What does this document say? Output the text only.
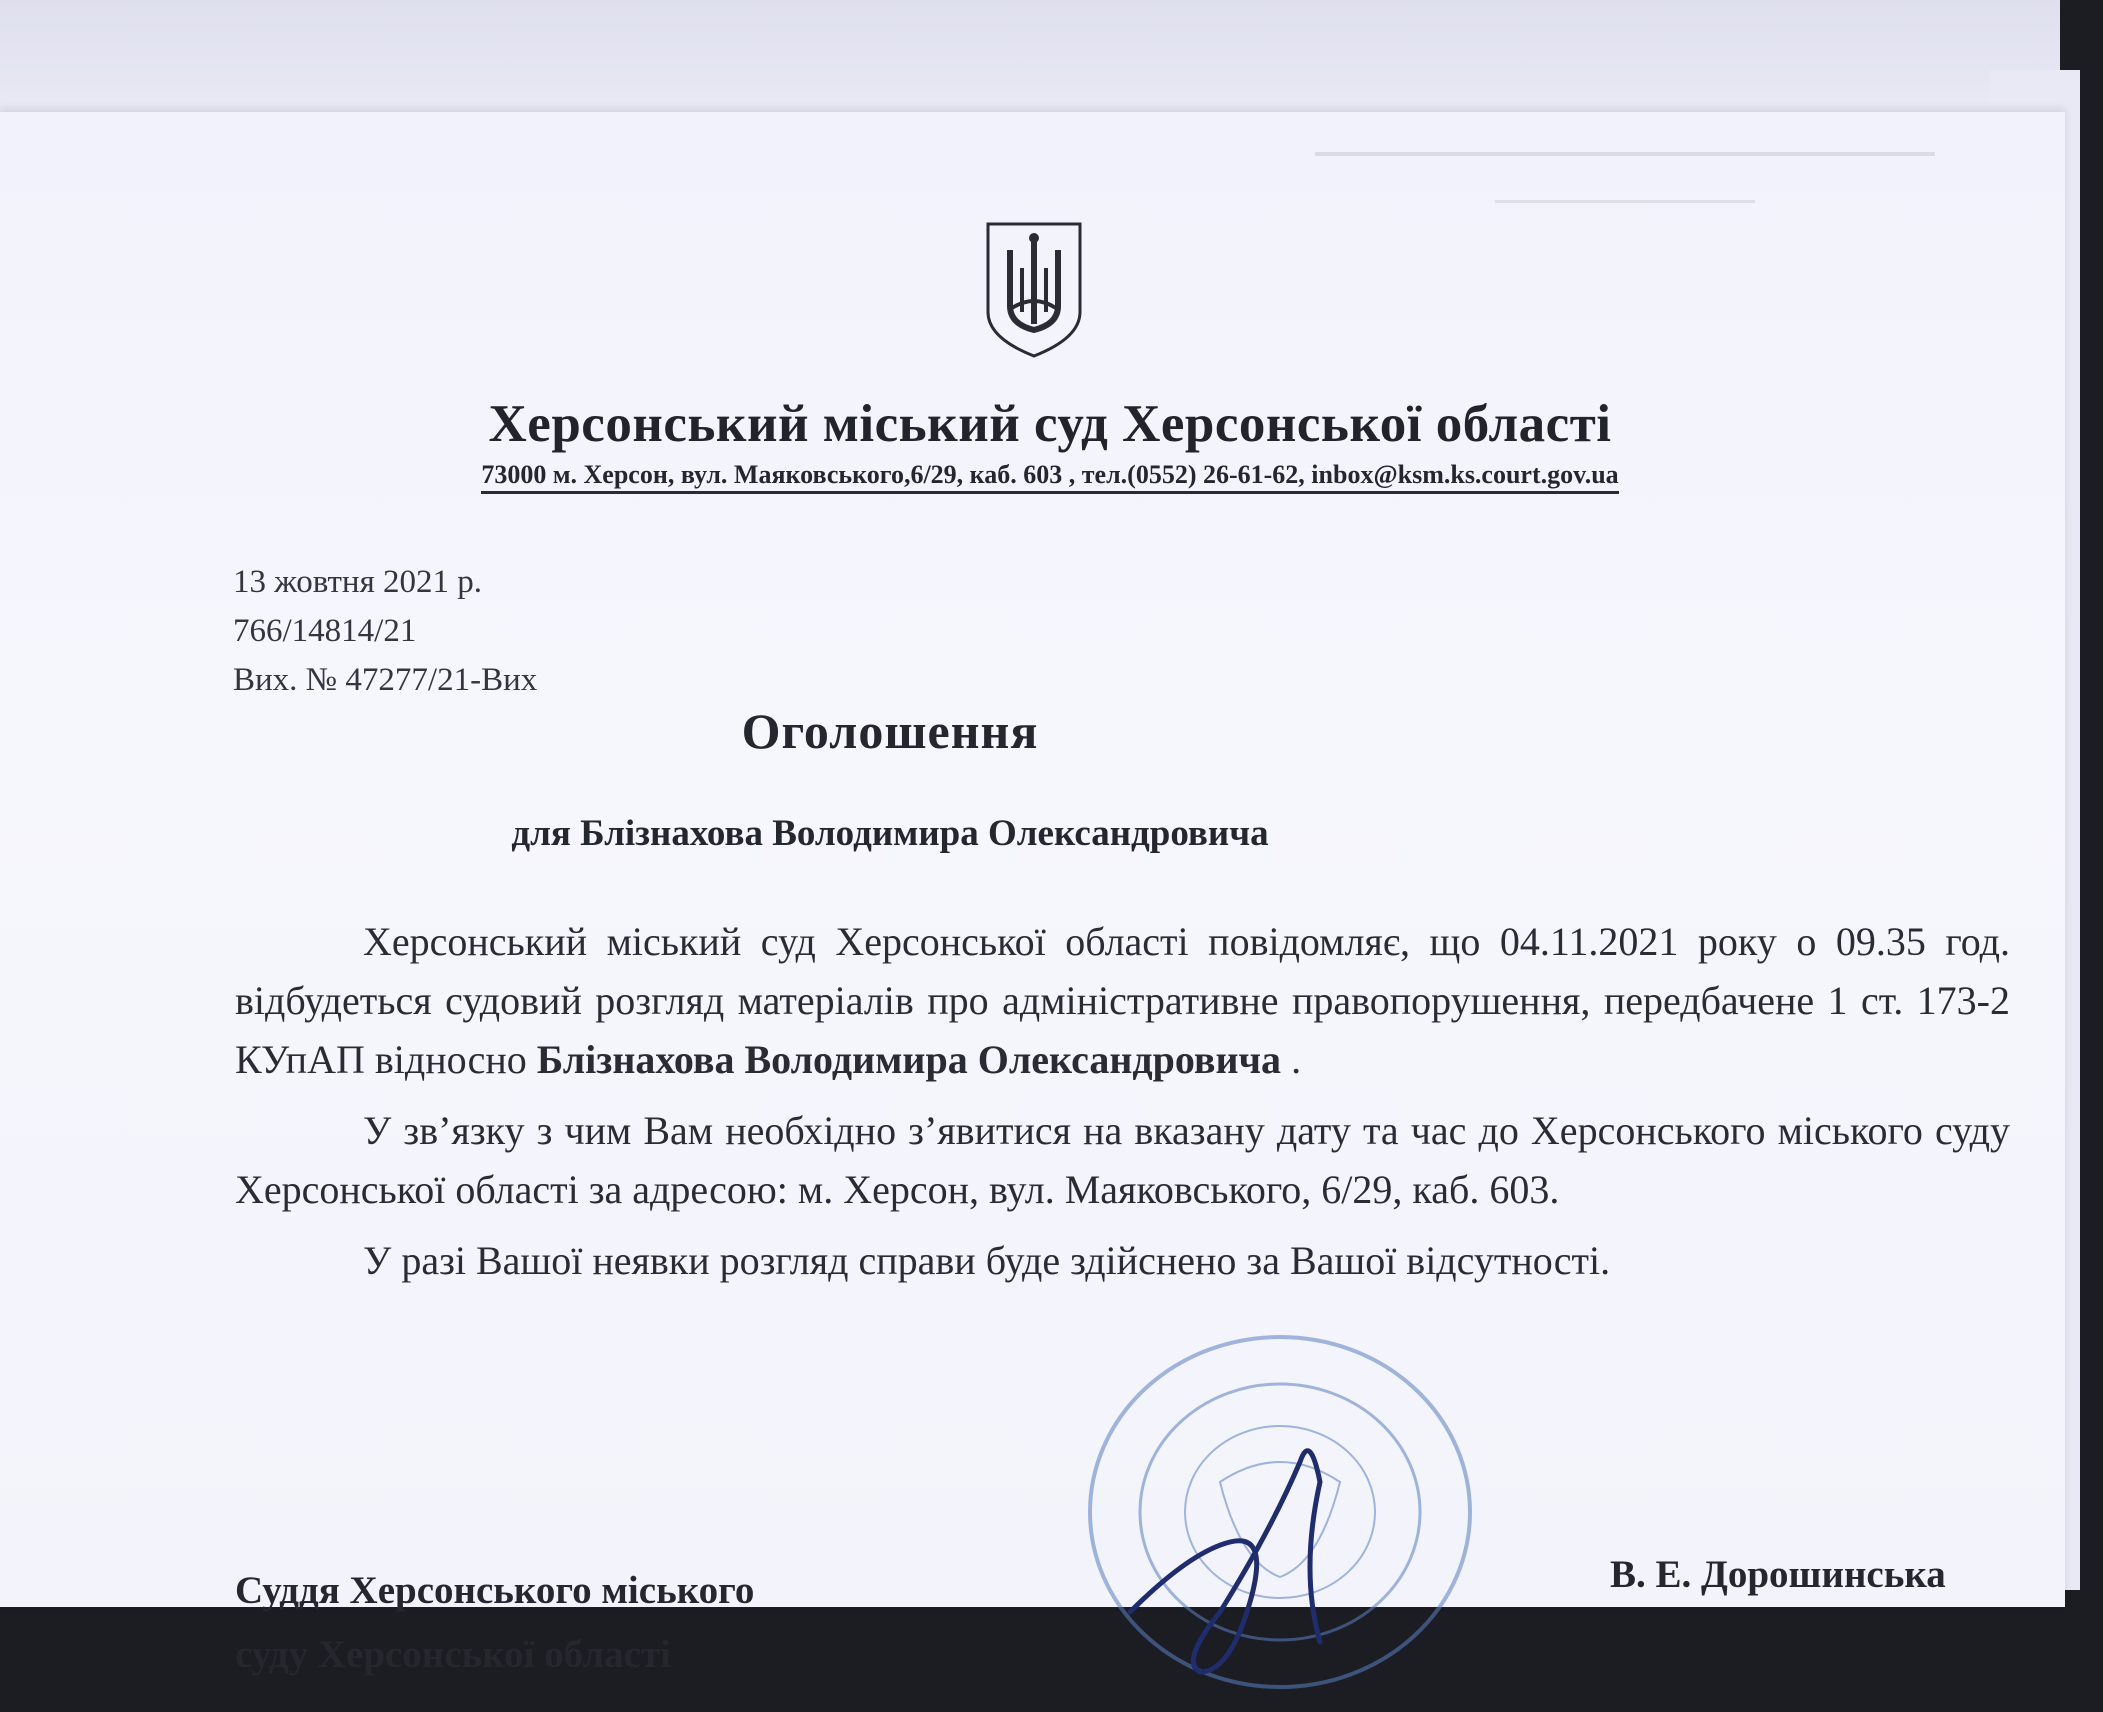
Херсонський міський суд Херсонської області
73000 м. Херсон, вул. Маяковського,6/29, каб. 603 , тел.(0552) 26-61-62, inbox@ksm.ks.court.gov.ua
13 жовтня 2021 р.
766/14814/21
Вих. № 47277/21-Вих
Оголошення
для Блізнахова Володимира Олександровича

Херсонський міський суд Херсонської області повідомляє, що 04.11.2021 року о 09.35 год. відбудеться судовий розгляд матеріалів про адміністративне правопорушення, передбачене 1 ст. 173-2 КУпАП відносно Блізнахова Володимира Олександровича .

У зв’язку з чим Вам необхідно з’явитися на вказану дату та час до Херсонського міського суду Херсонської області за адресою: м. Херсон, вул. Маяковського, 6/29, каб. 603.

У разі Вашої неявки розгляд справи буде здійснено за Вашої відсутності.

Суддя Херсонського міського
суду Херсонської області
В. Е. Дорошинська
